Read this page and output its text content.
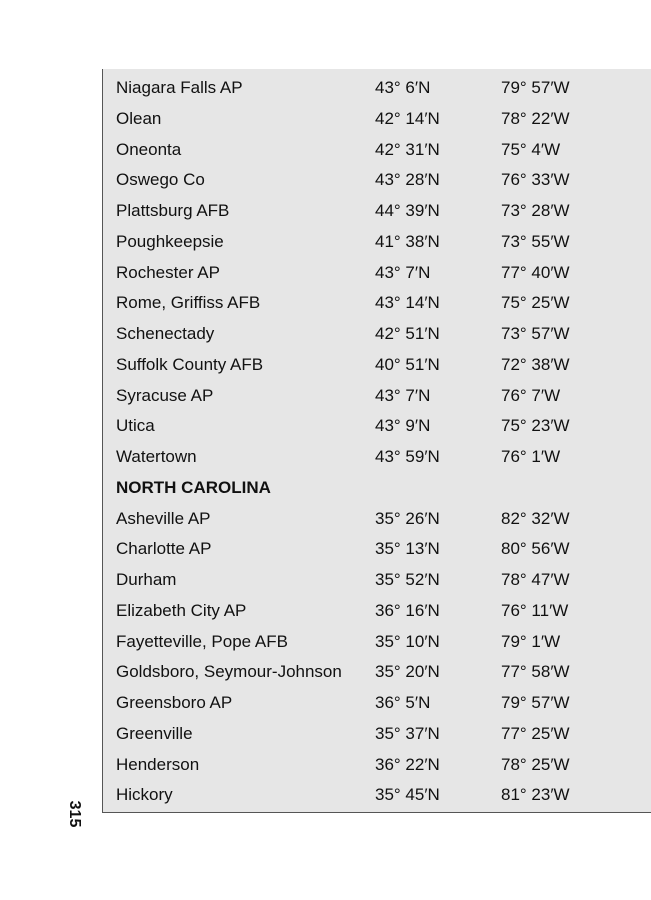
Niagara Falls AP	43° 6′N	79° 57′W
Olean	42° 14′N	78° 22′W
Oneonta	42° 31′N	75° 4′W
Oswego Co	43° 28′N	76° 33′W
Plattsburg AFB	44° 39′N	73° 28′W
Poughkeepsie	41° 38′N	73° 55′W
Rochester AP	43° 7′N	77° 40′W
Rome, Griffiss AFB	43° 14′N	75° 25′W
Schenectady	42° 51′N	73° 57′W
Suffolk County AFB	40° 51′N	72° 38′W
Syracuse AP	43° 7′N	76° 7′W
Utica	43° 9′N	75° 23′W
Watertown	43° 59′N	76° 1′W
NORTH CAROLINA
Asheville AP	35° 26′N	82° 32′W
Charlotte AP	35° 13′N	80° 56′W
Durham	35° 52′N	78° 47′W
Elizabeth City AP	36° 16′N	76° 11′W
Fayetteville, Pope AFB	35° 10′N	79° 1′W
Goldsboro, Seymour-Johnson 35° 20′N	77° 58′W
Greensboro AP	36° 5′N	79° 57′W
Greenville	35° 37′N	77° 25′W
Henderson	36° 22′N	78° 25′W
Hickory	35° 45′N	81° 23′W
315
